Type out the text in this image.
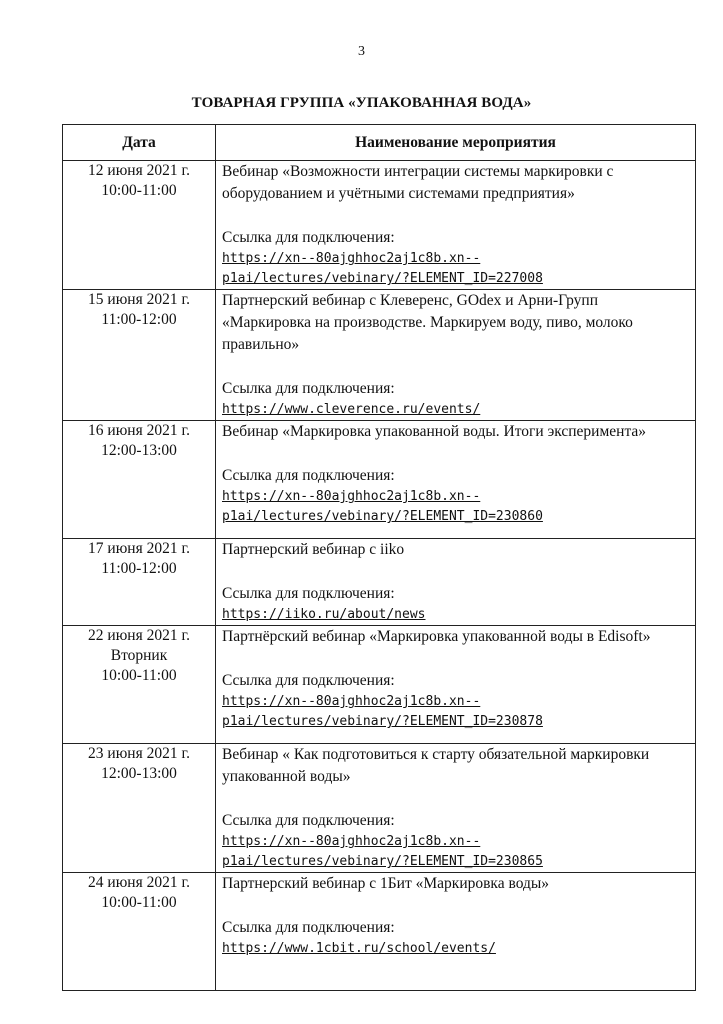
3
ТОВАРНАЯ ГРУППА «УПАКОВАННАЯ ВОДА»
Дата	Наименование мероприятия

12 июня 2021 г.
10:00-11:00	Вебинар «Возможности интеграции системы маркировки с оборудованием и учётными системами предприятия»
Ссылка для подключения:
https://xn--80ajghhoc2aj1c8b.xn--
p1ai/lectures/vebinary/?ELEMENT_ID=227008

15 июня 2021 г.
11:00-12:00	Партнерский вебинар с Клеверенс, GOdex и Арни-Групп «Маркировка на производстве. Маркируем воду, пиво, молоко правильно»
Ссылка для подключения:
https://www.cleverence.ru/events/

16 июня 2021 г.
12:00-13:00	Вебинар «Маркировка упакованной воды. Итоги эксперимента»
Ссылка для подключения:
https://xn--80ajghhoc2aj1c8b.xn--
p1ai/lectures/vebinary/?ELEMENT_ID=230860

17 июня 2021 г.
11:00-12:00	Партнерский вебинар с iiko
Ссылка для подключения:
https://iiko.ru/about/news

22 июня 2021 г.
Вторник
10:00-11:00	Партнёрский вебинар «Маркировка упакованной воды в Edisoft»
Ссылка для подключения:
https://xn--80ajghhoc2aj1c8b.xn--
p1ai/lectures/vebinary/?ELEMENT_ID=230878

23 июня 2021 г.
12:00-13:00	Вебинар « Как подготовиться к старту обязательной маркировки упакованной воды»
Ссылка для подключения:
https://xn--80ajghhoc2aj1c8b.xn--
p1ai/lectures/vebinary/?ELEMENT_ID=230865

24 июня 2021 г.
10:00-11:00	Партнерский вебинар с 1Бит «Маркировка воды»
Ссылка для подключения:
https://www.1cbit.ru/school/events/
